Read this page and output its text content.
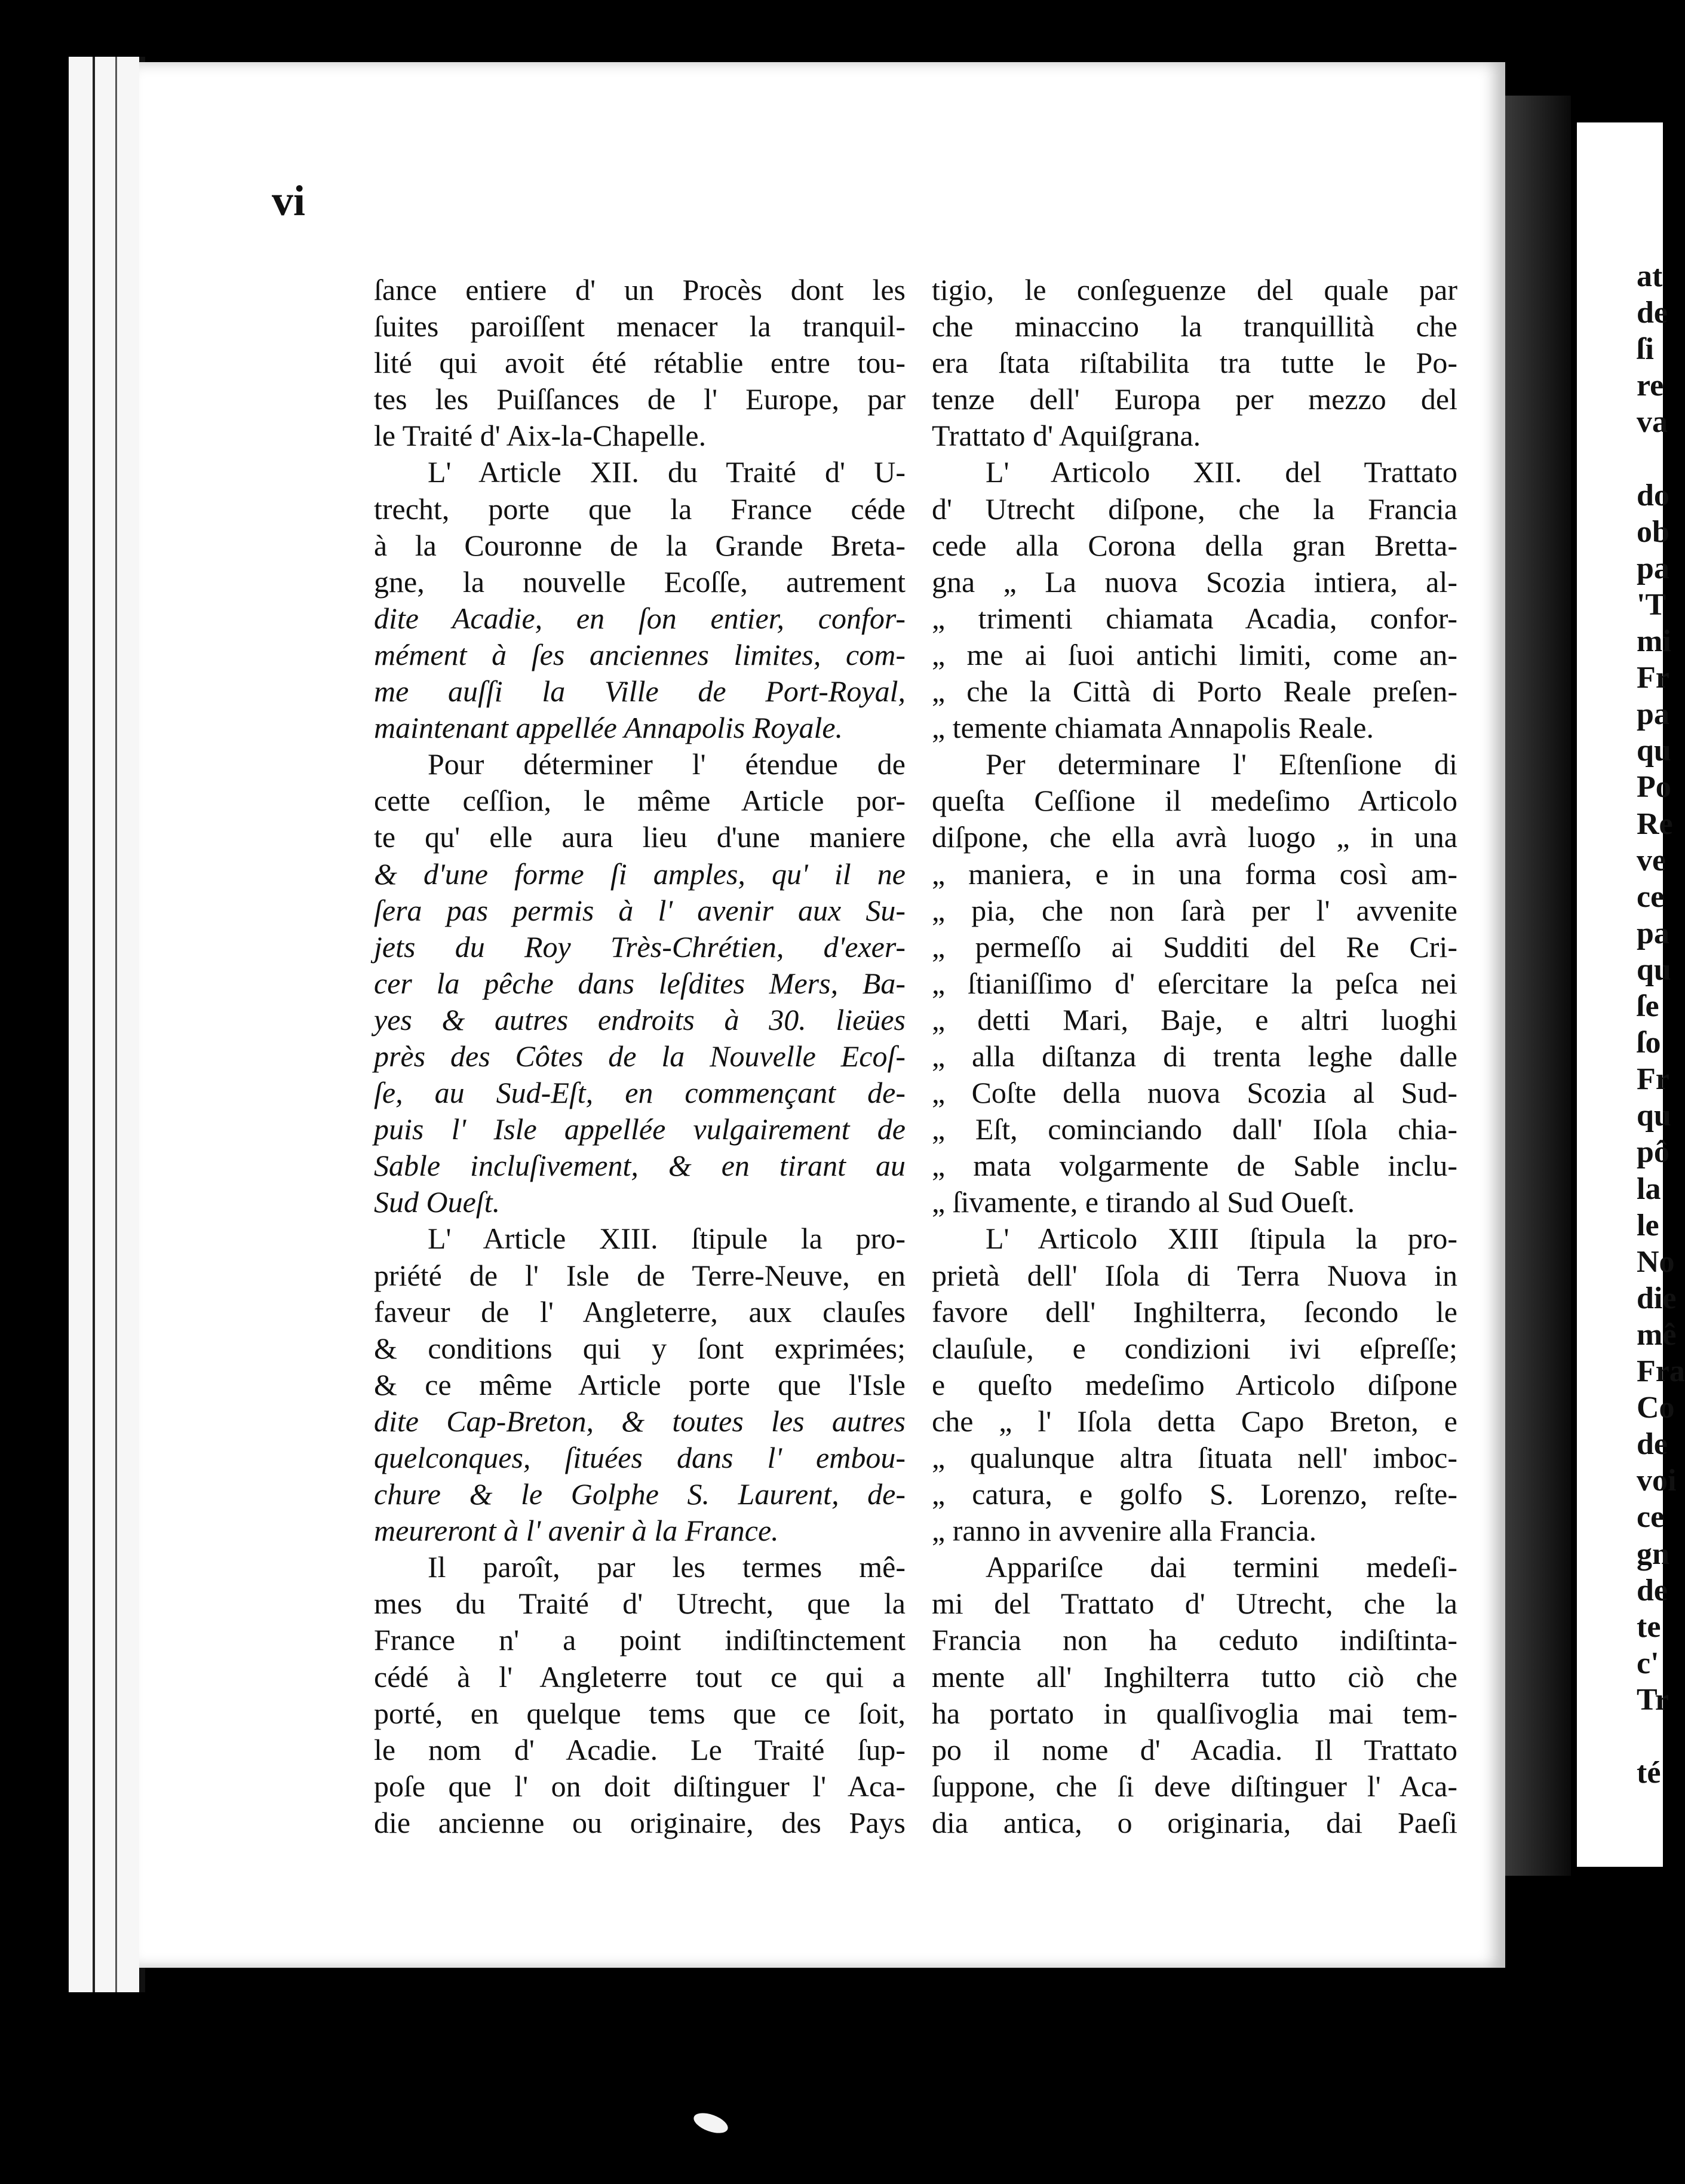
at
de
ſi
re
va
do
ob
pa
'T
mi
Fr
pa
qu
Po
Re
ve
ce
pa
qu
ſe
ſo
Fr
qu
pô
la
le
No
die
mê
Fra
Co
de
voi
ce
gn
de
te
c'
Tr
té
vi
ſance entiere d' un Procès dont les
ſuites paroiſſent menacer la tranquil-
lité qui avoit été rétablie entre tou-
tes les Puiſſances de l' Europe, par
le Traité d' Aix-la-Chapelle.
L' Article XII. du Traité d' U-
trecht, porte que la France céde
à la Couronne de la Grande Breta-
gne, la nouvelle Ecoſſe, autrement
dite Acadie, en ſon entier, confor-
mément à ſes anciennes limites, com-
me auſſi la Ville de Port-Royal,
maintenant appellée Annapolis Royale.
Pour déterminer l' étendue de
cette ceſſion, le même Article por-
te qu' elle aura lieu d'une maniere
& d'une forme ſi amples, qu' il ne
ſera pas permis à l' avenir aux Su-
jets du Roy Très-Chrétien, d'exer-
cer la pêche dans leſdites Mers, Ba-
yes & autres endroits à 30. lieües
près des Côtes de la Nouvelle Ecoſ-
ſe, au Sud-Eſt, en commençant de-
puis l' Isle appellée vulgairement de
Sable incluſivement, & en tirant au
Sud Oueſt.
L' Article XIII. ſtipule la pro-
priété de l' Isle de Terre-Neuve, en
faveur de l' Angleterre, aux clauſes
& conditions qui y ſont exprimées;
& ce même Article porte que l'Isle
dite Cap-Breton, & toutes les autres
quelconques, ſituées dans l' embou-
chure & le Golphe S. Laurent, de-
meureront à l' avenir à la France.
Il paroît, par les termes mê-
mes du Traité d' Utrecht, que la
France n' a point indiſtinctement
cédé à l' Angleterre tout ce qui a
porté, en quelque tems que ce ſoit,
le nom d' Acadie. Le Traité ſup-
poſe que l' on doit diſtinguer l' Aca-
die ancienne ou originaire, des Pays
tigio, le conſeguenze del quale par
che minaccino la tranquillità che
era ſtata riſtabilita tra tutte le Po-
tenze dell' Europa per mezzo del
Trattato d' Aquiſgrana.
L' Articolo XII. del Trattato
d' Utrecht diſpone, che la Francia
cede alla Corona della gran Bretta-
gna „ La nuova Scozia intiera, al-
„ trimenti chiamata Acadia, confor-
„ me ai ſuoi antichi limiti, come an-
„ che la Città di Porto Reale preſen-
„ temente chiamata Annapolis Reale.
Per determinare l' Eſtenſione di
queſta Ceſſione il medeſimo Articolo
diſpone, che ella avrà luogo „ in una
„ maniera, e in una forma così am-
„ pia, che non ſarà per l' avvenite
„ permeſſo ai Sudditi del Re Cri-
„ ſtianiſſimo d' eſercitare la peſca nei
„ detti Mari, Baje, e altri luoghi
„ alla diſtanza di trenta leghe dalle
„ Coſte della nuova Scozia al Sud-
„ Eſt, cominciando dall' Iſola chia-
„ mata volgarmente de Sable inclu-
„ ſivamente, e tirando al Sud Oueſt.
L' Articolo XIII ſtipula la pro-
prietà dell' Iſola di Terra Nuova in
favore dell' Inghilterra, ſecondo le
clauſule, e condizioni ivi eſpreſſe;
e queſto medeſimo Articolo diſpone
che „ l' Iſola detta Capo Breton, e
„ qualunque altra ſituata nell' imboc-
„ catura, e golfo S. Lorenzo, reſte-
„ ranno in avvenire alla Francia.
Appariſce dai termini medeſi-
mi del Trattato d' Utrecht, che la
Francia non ha ceduto indiſtinta-
mente all' Inghilterra tutto ciò che
ha portato in qualſivoglia mai tem-
po il nome d' Acadia. Il Trattato
ſuppone, che ſi deve diſtinguer l' Aca-
dia antica, o originaria, dai Paeſi
